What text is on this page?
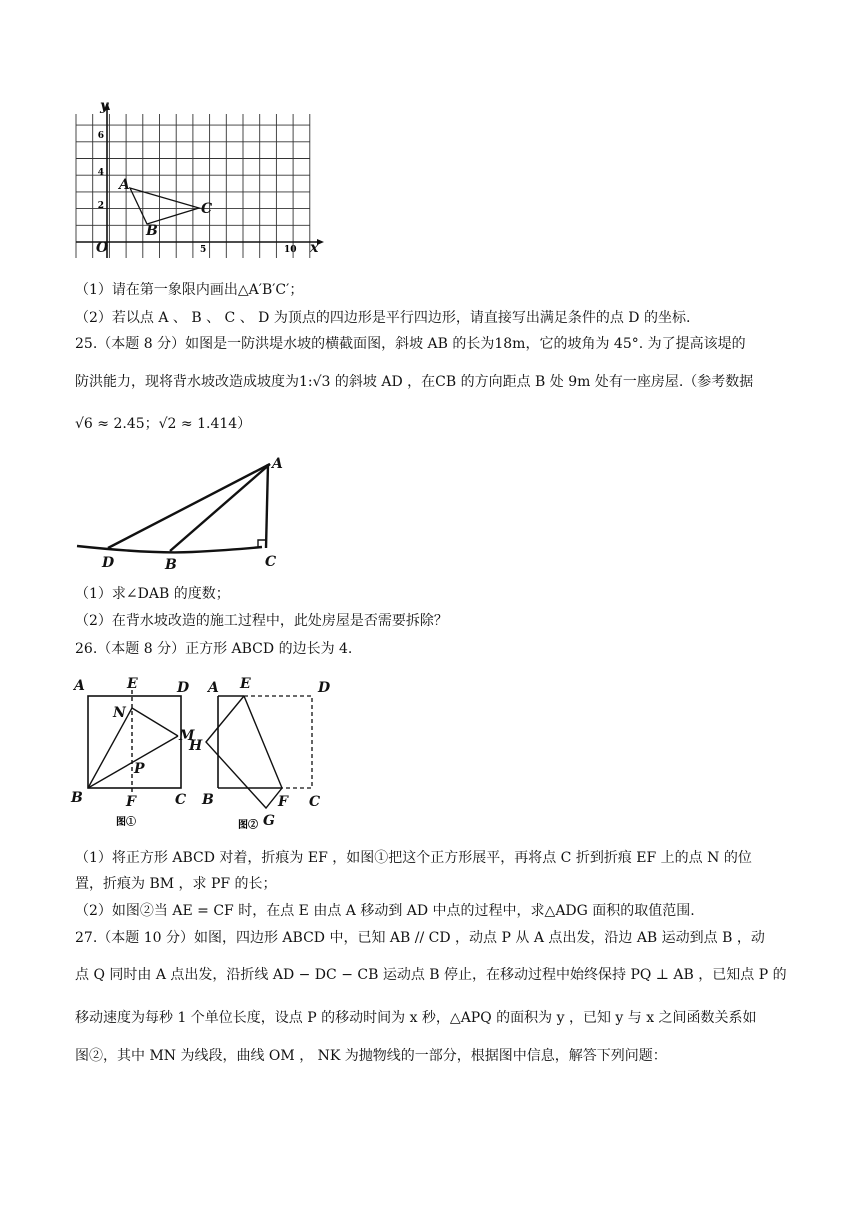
y
x
O
6
4
2
5	10
A
B
C
（1）请在第一象限内画出△A′B′C′；
（2）若以点 A 、 B 、 C 、 D 为顶点的四边形是平行四边形，请直接写出满足条件的点 D 的坐标.
25.（本题 8 分）如图是一防洪堤水坡的横截面图，斜坡 AB 的长为18m，它的坡角为 45°. 为了提高该堤的
防洪能力，现将背水坡改造成坡度为1:√3 的斜坡 AD ，在CB 的方向距点 B 处 9m 处有一座房屋.（参考数据
√6 ≈ 2.45；√2 ≈ 1.414）
A
D	B	C
（1）求∠DAB 的度数；
（2）在背水坡改造的施工过程中，此处房屋是否需要拆除？
26.（本题 8 分）正方形 ABCD 的边长为 4.
A	E	D
N
M
P
B	F	C
图①
A E	D
H
B	F C
G
图②
（1）将正方形 ABCD 对着，折痕为 EF ，如图①把这个正方形展平，再将点 C 折到折痕 EF 上的点 N 的位
置，折痕为 BM ，求 PF 的长；
（2）如图②当 AE = CF 时，在点 E 由点 A 移动到 AD 中点的过程中，求△ADG 面积的取值范围.
27.（本题 10 分）如图，四边形 ABCD 中，已知 AB // CD ，动点 P 从 A 点出发，沿边 AB 运动到点 B ，动
点 Q 同时由 A 点出发，沿折线 AD − DC − CB 运动点 B 停止，在移动过程中始终保持 PQ ⊥ AB ，已知点 P 的
移动速度为每秒 1 个单位长度，设点 P 的移动时间为 x 秒，△APQ 的面积为 y ，已知 y 与 x 之间函数关系如
图②，其中 MN 为线段，曲线 OM ， NK 为抛物线的一部分，根据图中信息，解答下列问题：
